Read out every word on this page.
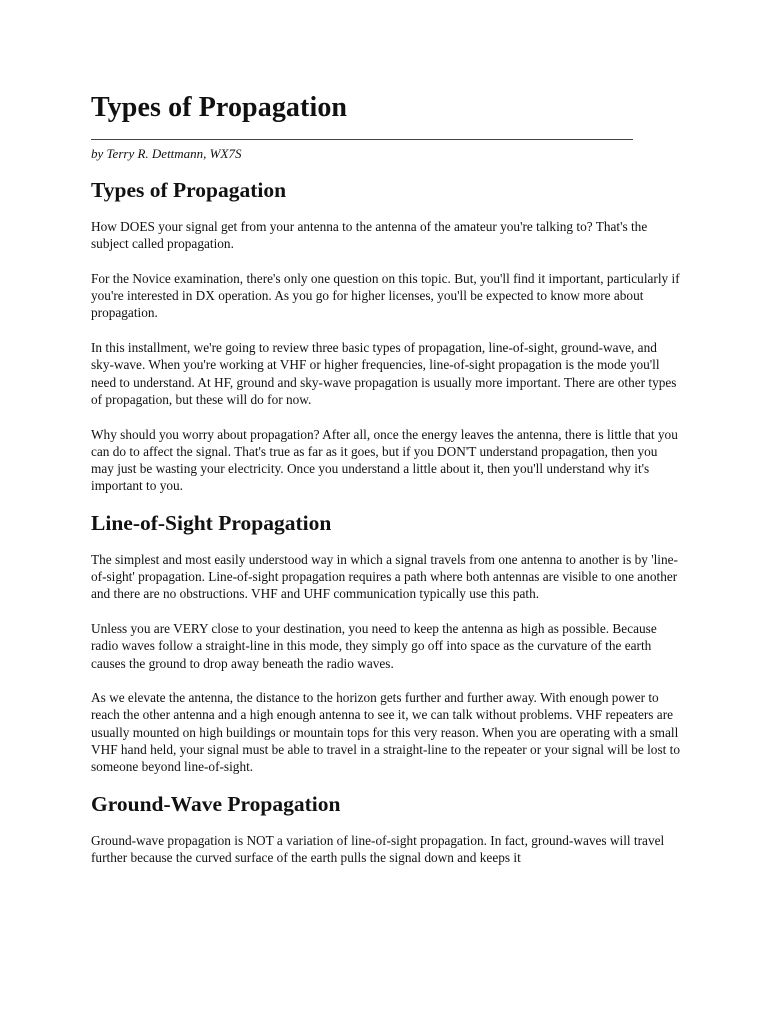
Types of Propagation

by Terry R. Dettmann, WX7S

Types of Propagation

How DOES your signal get from your antenna to the antenna of the amateur you're talking to? That's the subject called propagation.

For the Novice examination, there's only one question on this topic. But, you'll find it important, particularly if you're interested in DX operation. As you go for higher licenses, you'll be expected to know more about propagation.

In this installment, we're going to review three basic types of propagation, line-of-sight, ground-wave, and sky-wave. When you're working at VHF or higher frequencies, line-of-sight propagation is the mode you'll need to understand. At HF, ground and sky-wave propagation is usually more important. There are other types of propagation, but these will do for now.

Why should you worry about propagation? After all, once the energy leaves the antenna, there is little that you can do to affect the signal. That's true as far as it goes, but if you DON'T understand propagation, then you may just be wasting your electricity. Once you understand a little about it, then you'll understand why it's important to you.

Line-of-Sight Propagation

The simplest and most easily understood way in which a signal travels from one antenna to another is by 'line-of-sight' propagation. Line-of-sight propagation requires a path where both antennas are visible to one another and there are no obstructions. VHF and UHF communication typically use this path.

Unless you are VERY close to your destination, you need to keep the antenna as high as possible. Because radio waves follow a straight-line in this mode, they simply go off into space as the curvature of the earth causes the ground to drop away beneath the radio waves.

As we elevate the antenna, the distance to the horizon gets further and further away. With enough power to reach the other antenna and a high enough antenna to see it, we can talk without problems. VHF repeaters are usually mounted on high buildings or mountain tops for this very reason. When you are operating with a small VHF hand held, your signal must be able to travel in a straight-line to the repeater or your signal will be lost to someone beyond line-of-sight.

Ground-Wave Propagation

Ground-wave propagation is NOT a variation of line-of-sight propagation. In fact, ground-waves will travel further because the curved surface of the earth pulls the signal down and keeps it
